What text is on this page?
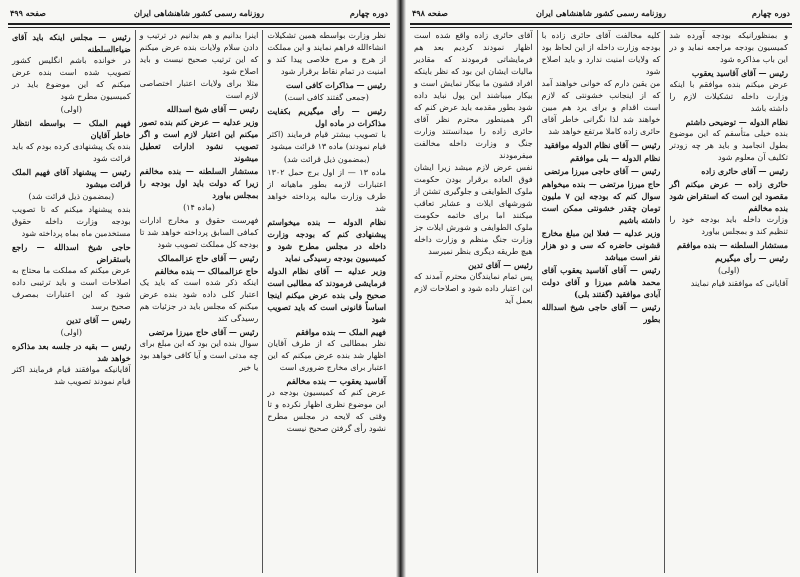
دوره چهارم
روزنامه رسمی کشور شاهنشاهی ایران
صفحه ۴۹۹

نظر وزارت بواسطه همین تشکیلات انشاءالله فراهم نمایند و این مملکت از هرج و مرج خلاصی پیدا کند و امنیت در تمام نقاط برقرار شود

رئیس — مذاکرات کافی است

(جمعی گفتند کافی است)

رئیس — رأی میگیریم بکفایت مذاکرات در ماده اول

با تصویب بیشتر قیام فرمایند (اکثر قیام نمودند) ماده ۱۳ قرائت میشود

(بمضمون ذیل قرائت شد)

ماده ۱۳ — از اول برج حمل ۱۳۰۲ اعتبارات لازمه بطور ماهیانه از طرف وزارت مالیه پرداخته خواهد شد

نظام الدوله — بنده میخواستم پیشنهادی کنم که بودجه وزارت داخله در مجلس مطرح شود و کمیسیون بودجه رسیدگی نماید

وزیر عدلیه — آقای نظام الدوله فرمایشی فرمودند که مطالبی است صحیح ولی بنده عرض میکنم اینجا اساساً قانونی است که باید تصویب شود

فهیم الملک — بنده موافقم

نظر بمطالبی که از طرف آقایان اظهار شد بنده عرض میکنم که این اعتبار برای مخارج ضروری است

آقاسید یعقوب — بنده مخالفم

عرض کنم که کمیسیون بودجه در این موضوع نظری اظهار نکرده و تا وقتی که لایحه در مجلس مطرح نشود رأی گرفتن صحیح نیست

اینرا بدانیم و هم بدانیم در ترتیب و دادن سلام ولایات بنده عرض میکنم که این ترتیب صحیح نیست و باید اصلاح شود

مثلا برای ولایات اعتبار اختصاصی لازم است

رئیس — آقای شیخ اسدالله

وزیر عدلیه — عرض کنم بنده تصور میکنم این اعتبار لازم است و اگر تصویب نشود ادارات تعطیل میشوند

مستشار السلطنه — بنده مخالفم زیرا که دولت باید اول بودجه را بمجلس بیاورد

(ماده ۱۴)

فهرست حقوق و مخارج ادارات کمافی السابق پرداخته خواهد شد تا بودجه کل مملکت تصویب شود

رئیس — آقای حاج عزالممالک

حاج عزالممالک — بنده مخالفم

اینکه ذکر شده است که باید یک اعتبار کلی داده شود بنده عرض میکنم که مجلس باید در جزئیات هم رسیدگی کند

رئیس — آقای حاج میرزا مرتضی

سوال بنده این بود که این مبلغ برای چه مدتی است و آیا کافی خواهد بود یا خیر

رئیس — مجلس اینکه باید آقای ضیاءالسلطنه

در خوانده باشم انگلیس کشور تصویب شده است بنده عرض میکنم که این موضوع باید در کمیسیون مطرح شود

(اولی)

فهیم الملک — بواسطه انتظار خاطر آقایان

بنده یک پیشنهادی کرده بودم که باید قرائت شود

رئیس — پیشنهاد آقای فهیم الملک قرائت میشود

(بمضمون ذیل قرائت شد)

بنده پیشنهاد میکنم که تا تصویب بودجه وزارت داخله حقوق مستخدمین ماه بماه پرداخته شود

حاجی شیخ اسدالله — راجع باستقراض

عرض میکنم که مملکت ما محتاج به اصلاحات است و باید ترتیبی داده شود که این اعتبارات بمصرف صحیح برسد

رئیس — آقای تدین

(اولی)

رئیس — بقیه در جلسه بعد مذاکره خواهد شد

آقایانیکه موافقند قیام فرمایند اکثر قیام نمودند تصویب شد

دوره چهارم
روزنامه رسمی کشور شاهنشاهی ایران
صفحه ۴۹۸

و بمنظورانیکه بودجه آورده شد کمیسیون بودجه مراجعه نماید و در این باب مذاکره شود

رئیس — آقای آقاسید یعقوب

عرض میکنم بنده موافقم با اینکه وزارت داخله تشکیلات لازم را داشته باشد

نظام الدوله — توضیحی داشتم

بنده خیلی متأسفم که این موضوع بطول انجامید و باید هر چه زودتر تکلیف آن معلوم شود

رئیس — آقای حائری زاده

حائری زاده — عرض میکنم اگر مقصود این است که استقراض شود بنده مخالفم

وزارت داخله باید بودجه خود را تنظیم کند و بمجلس بیاورد

مستشار السلطنه — بنده موافقم

رئیس — رأی میگیریم

(اولی)

آقایانی که موافقند قیام نمایند

کلیه مخالفت آقای حائری زاده با بودجه وزارت داخله از این لحاظ بود که ولایات امنیت ندارد و باید اصلاح شود

من یقین دارم که خوانی خواهند آمد که از اینجانب خشونتی که لازم است اقدام و برای یرد هم میین خواهند شد لذا نگرانی خاطر آقای حائری زاده کاملا مرتفع خواهد شد

رئیس — آقای نظام الدوله موافقید

نظام الدوله — بلی موافقم

رئیس — آقای حاجی میرزا مرتضی

حاج میرزا مرتضی — بنده میخواهم سوال کنم که بودجه این ۷ ملیون تومان چقدر خشونتی ممکن است داشته باشیم

وزیر عدلیه — فعلا این مبلغ مخارج قشونی حاضره که سی و دو هزار نفر است میباشد

رئیس — آقای آقاسید یعقوب آقای محمد هاشم میرزا و آقای دولت آبادی موافقید (گفتند بلی)

رئیس — آقای حاجی شیخ اسدالله بطور

آقای حائری زاده واقع شده است اظهار نمودند کردیم بعد هم فرمایشاتی فرمودند که مقادیر مالیات ایشان این بود که نظر باینکه افراد قشون ما بیکار نمایش است و بیکار میباشند این پول نباید داده شود بطور مقدمه باید عرض کنم که اگر همینطور محترم نظر آقای حائری زاده را میدانستند وزارت جنگ و وزارت داخله مخالفت میفرمودند

نفس عرض لازم میشد زیرا ایشان فوق العاده برقرار بودن حکومت ملوک الطوایفی و جلوگیری تشتن از شورشهای ایلات و عشایر تعاقب میکنند اما برای خاتمه حکومت ملوک الطوایفی و شورش ایلات جز وزارت جنگ منظم و وزارت داخله هیچ طریقه دیگری بنظر نمیرسد

رئیس — آقای تدین

پس تمام نمایندگان محترم آمدند که این اعتبار داده شود و اصلاحات لازم بعمل آید
